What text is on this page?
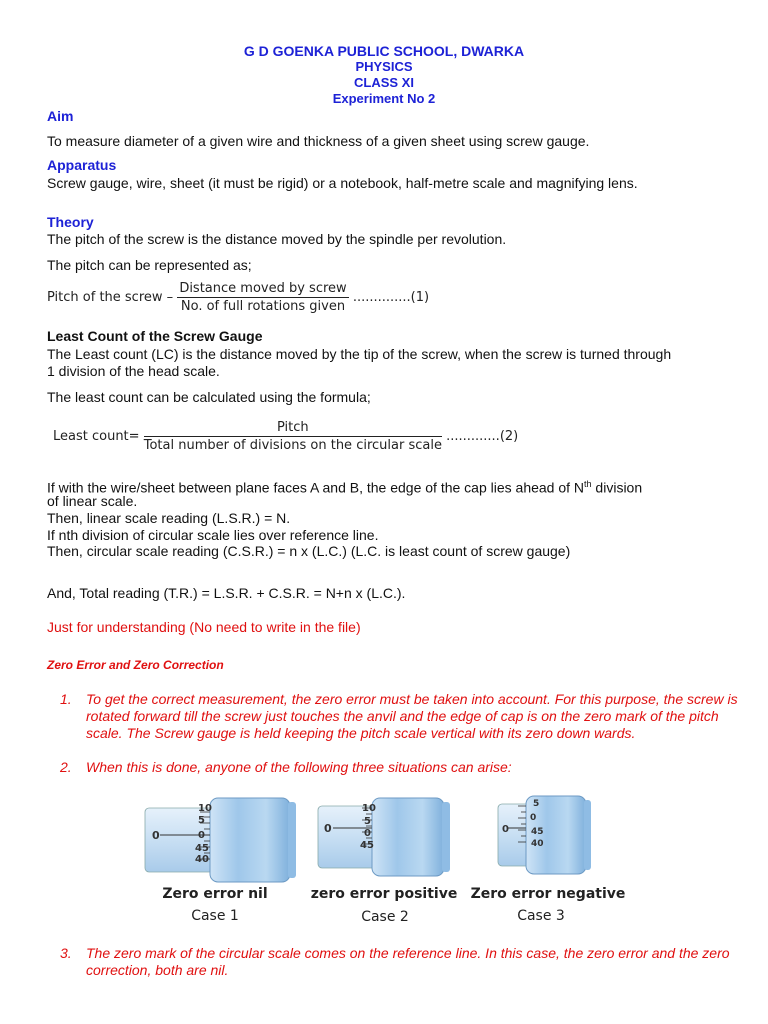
G D GOENKA PUBLIC SCHOOL, DWARKA
PHYSICS
CLASS XI
Experiment No 2
Aim
To measure diameter of a given wire and thickness of a given sheet using screw gauge.
Apparatus
Screw gauge, wire, sheet (it must be rigid) or a notebook, half-metre scale and magnifying lens.
Theory
The pitch of the screw is the distance moved by the spindle per revolution.
The pitch can be represented as;
Pitch of the screw – $\frac{\text{Distance moved by screw}}{\text{No. of full rotations given}} ..............(1)$
Least Count of the Screw Gauge
The Least count (LC) is the distance moved by the tip of the screw, when the screw is turned through
1 division of the head scale.
The least count can be calculated using the formula;
Least count= $\frac{\text{Pitch}}{\text{Total number of divisions on the circular scale}} .............(2)$
If with the wire/sheet between plane faces A and B, the edge of the cap lies ahead of $N^{th}$ division
of linear scale.
Then, linear scale reading (L.S.R.) = N.
If nth division of circular scale lies over reference line.
Then, circular scale reading (C.S.R.) = n x (L.C.) (L.C. is least count of screw gauge)
And, Total reading (T.R.) = L.S.R. + C.S.R. = N+n x (L.C.).
Just for understanding (No need to write in the file)
Zero Error and Zero Correction
1. To get the correct measurement, the zero error must be taken into account. For this purpose, the screw is rotated forward till the screw just touches the anvil and the edge of cap is on the zero mark of the pitch scale. The Screw gauge is held keeping the pitch scale vertical with its zero down wards.
2. When this is done, anyone of the following three situations can arise:
0
10
5
0
45
40
0
10
5
0
45
0
5
0
45
40
Zero error nil	zero error positive Zero error negative
Case 1	Case 2	Case 3
3. The zero mark of the circular scale comes on the reference line. In this case, the zero error and the zero correction, both are nil.
